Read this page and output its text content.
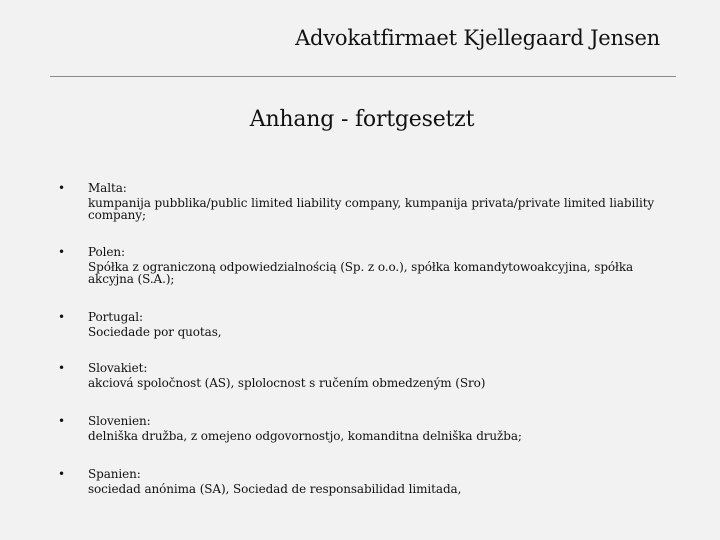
Advokatfirmaet Kjellegaard Jensen
Anhang - fortgesetzt
• Malta:
kumpanija pubblika/public limited liability company, kumpanija privata/private limited liability company;
• Polen:
Spółka z ograniczoną odpowiedzialnością (Sp. z o.o.), spółka komandytowoakcyjina, spółka akcyjna (S.A.);
• Portugal:
Sociedade por quotas,
• Slovakiet:
akciová spoločnost (AS), splolocnost s ručením obmedzeným (Sro)
• Slovenien:
delniška družba, z omejeno odgovornostjo, komanditna delniška družba;
• Spanien:
sociedad anónima (SA), Sociedad de responsabilidad limitada,
